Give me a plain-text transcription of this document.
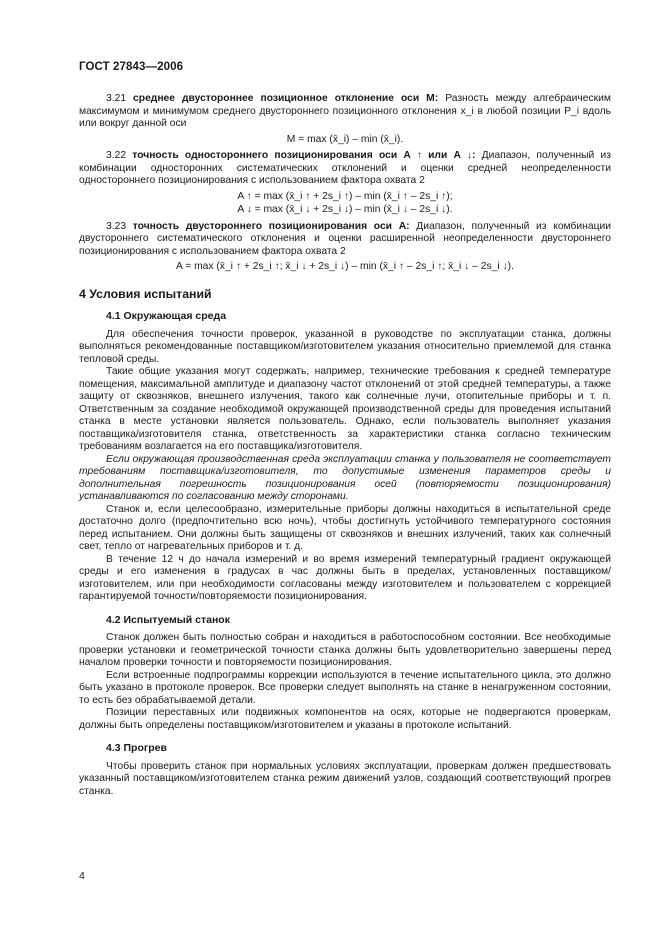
ГОСТ 27843—2006

3.21 среднее двустороннее позиционное отклонение оси М: Разность между алгебраическим максимумом и минимумом среднего двустороннего позиционного отклонения x_i в любой позиции P_i вдоль или вокруг данной оси

M = max (x̄_i) – min (x̄_i).

3.22 точность одностороннего позиционирования оси A ↑ или A ↓: Диапазон, полученный из комбинации односторонних систематических отклонений и оценки средней неопределенности одностороннего позиционирования с использованием фактора охвата 2

A ↑ = max (x̄_i ↑ + 2s_i ↑) – min (x̄_i ↑ – 2s_i ↑);
A ↓ = max (x̄_i ↓ + 2s_i ↓) – min (x̄_i ↓ – 2s_i ↓).

3.23 точность двустороннего позиционирования оси A: Диапазон, полученный из комбинации двустороннего систематического отклонения и оценки расширенной неопределенности двустороннего позиционирования с использованием фактора охвата 2

A = max (x̄_i ↑ + 2s_i ↑; x̄_i ↓ + 2s_i ↓) – min (x̄_i ↑ – 2s_i ↑; x̄_i ↓ – 2s_i ↓).
4 Условия испытаний
4.1 Окружающая среда

Для обеспечения точности проверок, указанной в руководстве по эксплуатации станка, должны выполняться рекомендованные поставщиком/изготовителем указания относительно приемлемой для станка тепловой среды.

Такие общие указания могут содержать, например, технические требования к средней температуре помещения, максимальной амплитуде и диапазону частот отклонений от этой средней температуры, а также защиту от сквозняков, внешнего излучения, такого как солнечные лучи, отопительные приборы и т. п. Ответственным за создание необходимой окружающей производственной среды для проведения испытаний станка в месте установки является пользователь. Однако, если пользователь выполняет указания поставщика/изготовителя станка, ответственность за характеристики станка согласно техническим требованиям возлагается на его поставщика/изготовителя.

Если окружающая производственная среда эксплуатации станка у пользователя не соответствует требованиям поставщика/изготовителя, то допустимые изменения параметров среды и дополнительная погрешность позиционирования осей (повторяемости позиционирования) устанавливаются по согласованию между сторонами.

Станок и, если целесообразно, измерительные приборы должны находиться в испытательной среде достаточно долго (предпочтительно всю ночь), чтобы достигнуть устойчивого температурного состояния перед испытанием. Они должны быть защищены от сквозняков и внешних излучений, таких как солнечный свет, тепло от нагревательных приборов и т. д.

В течение 12 ч до начала измерений и во время измерений температурный градиент окружающей среды и его изменения в градусах в час должны быть в пределах, установленных поставщиком/изготовителем, или при необходимости согласованы между изготовителем и пользователем с коррекцией гарантируемой точности/повторяемости позиционирования.

4.2 Испытуемый станок

Станок должен быть полностью собран и находиться в работоспособном состоянии. Все необходимые проверки установки и геометрической точности станка должны быть удовлетворительно завершены перед началом проверки точности и повторяемости позиционирования.

Если встроенные подпрограммы коррекции используются в течение испытательного цикла, это должно быть указано в протоколе проверок. Все проверки следует выполнять на станке в ненагруженном состоянии, то есть без обрабатываемой детали.

Позиции переставных или подвижных компонентов на осях, которые не подвергаются проверкам, должны быть определены поставщиком/изготовителем и указаны в протоколе испытаний.

4.3 Прогрев

Чтобы проверить станок при нормальных условиях эксплуатации, проверкам должен предшествовать указанный поставщиком/изготовителем станка режим движений узлов, создающий соответствующий прогрев станка.

4
